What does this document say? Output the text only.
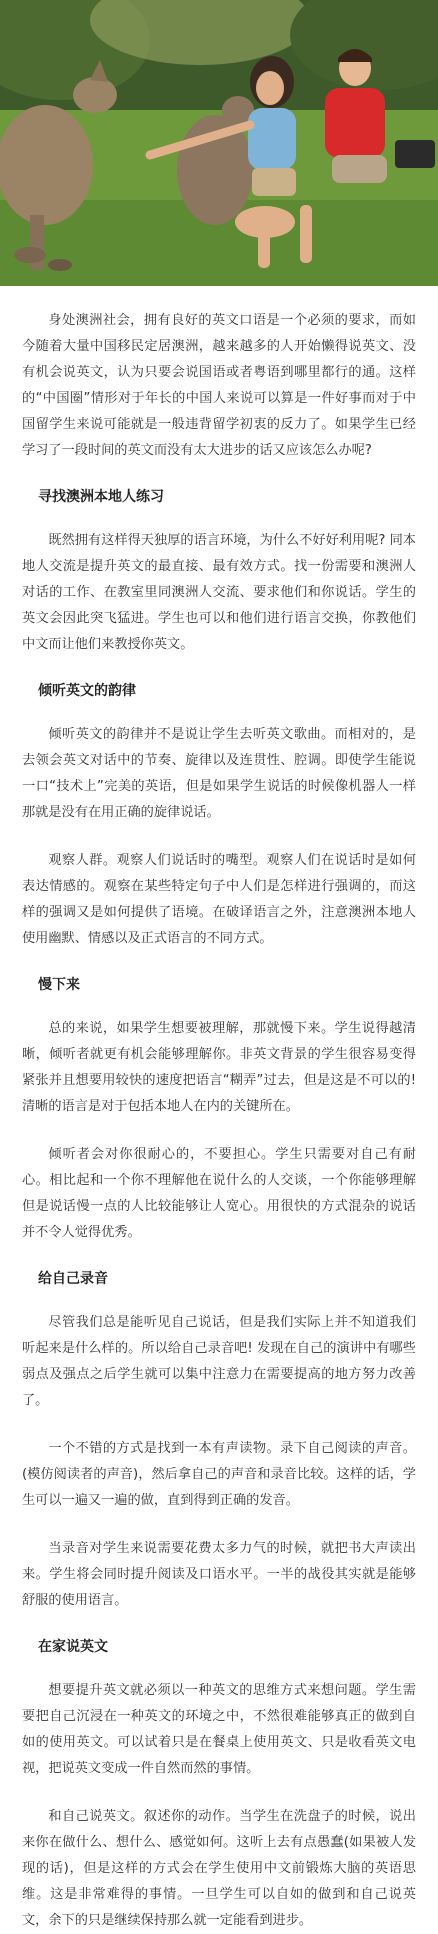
身处澳洲社会，拥有良好的英文口语是一个必须的要求，而如今随着大量中国移民定居澳洲，越来越多的人开始懒得说英文、没有机会说英文，认为只要会说国语或者粤语到哪里都行的通。这样的“中国圈”情形对于年长的中国人来说可以算是一件好事而对于中国留学生来说可能就是一般违背留学初衷的反力了。如果学生已经学习了一段时间的英文而没有太大进步的话又应该怎么办呢?

寻找澳洲本地人练习

既然拥有这样得天独厚的语言环境，为什么不好好利用呢? 同本地人交流是提升英文的最直接、最有效方式。找一份需要和澳洲人对话的工作、在教室里同澳洲人交流、要求他们和你说话。学生的英文会因此突飞猛进。学生也可以和他们进行语言交换，你教他们中文而让他们来教授你英文。

倾听英文的韵律

倾听英文的韵律并不是说让学生去听英文歌曲。而相对的，是去领会英文对话中的节奏、旋律以及连贯性、腔调。即使学生能说一口“技术上”完美的英语，但是如果学生说话的时候像机器人一样那就是没有在用正确的旋律说话。

观察人群。观察人们说话时的嘴型。观察人们在说话时是如何表达情感的。观察在某些特定句子中人们是怎样进行强调的，而这样的强调又是如何提供了语境。在破译语言之外，注意澳洲本地人使用幽默、情感以及正式语言的不同方式。

慢下来

总的来说，如果学生想要被理解，那就慢下来。学生说得越清晰，倾听者就更有机会能够理解你。非英文背景的学生很容易变得紧张并且想要用较快的速度把语言“糊弄”过去，但是这是不可以的! 清晰的语言是对于包括本地人在内的关键所在。

倾听者会对你很耐心的，不要担心。学生只需要对自己有耐心。相比起和一个你不理解他在说什么的人交谈，一个你能够理解但是说话慢一点的人比较能够让人宽心。用很快的方式混杂的说话并不令人觉得优秀。

给自己录音

尽管我们总是能听见自己说话，但是我们实际上并不知道我们听起来是什么样的。所以给自己录音吧! 发现在自己的演讲中有哪些弱点及强点之后学生就可以集中注意力在需要提高的地方努力改善了。

一个不错的方式是找到一本有声读物。录下自己阅读的声音。(模仿阅读者的声音)，然后拿自己的声音和录音比较。这样的话，学生可以一遍又一遍的做，直到得到正确的发音。

当录音对学生来说需要花费太多力气的时候，就把书大声读出来。学生将会同时提升阅读及口语水平。一半的战役其实就是能够舒服的使用语言。

在家说英文

想要提升英文就必须以一种英文的思维方式来想问题。学生需要把自己沉浸在一种英文的环境之中，不然很难能够真正的做到自如的使用英文。可以试着只是在餐桌上使用英文、只是收看英文电视，把说英文变成一件自然而然的事情。

和自己说英文。叙述你的动作。当学生在洗盘子的时候，说出来你在做什么、想什么、感觉如何。这听上去有点愚蠢(如果被人发现的话)，但是这样的方式会在学生使用中文前锻炼大脑的英语思维。这是非常难得的事情。一旦学生可以自如的做到和自己说英文，余下的只是继续保持那么就一定能看到进步。
